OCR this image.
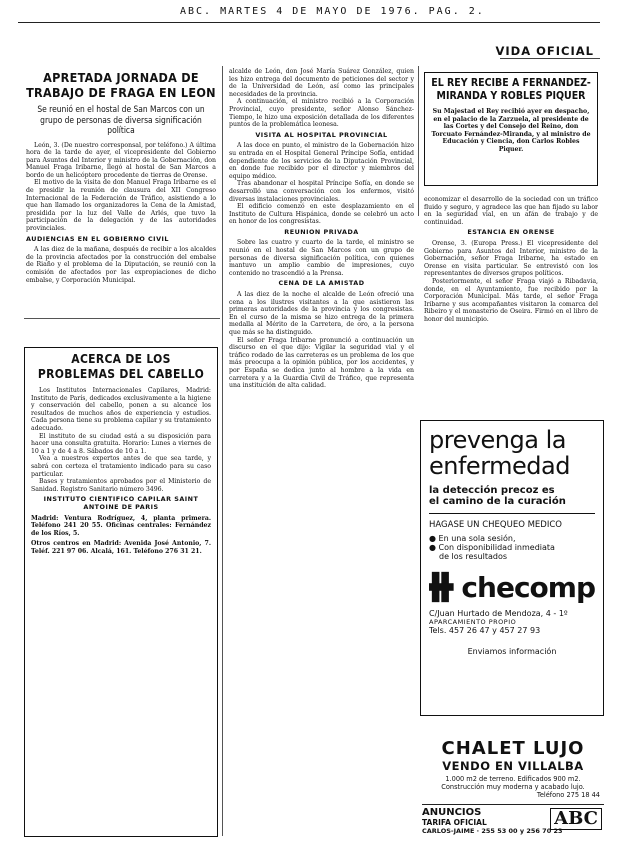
ABC. MARTES 4 DE MAYO DE 1976. PAG. 2.
VIDA OFICIAL
APRETADA JORNADA DE TRABAJO DE FRAGA EN LEON
Se reunió en el hostal de San Marcos con un grupo de personas de diversa significación política

León, 3. (De nuestro corresponsal, por teléfono.) A última hora de la tarde de ayer, el vicepresidente del Gobierno para Asuntos del Interior y ministro de la Gobernación, don Manuel Fraga Iribarne, llegó al hostal de San Marcos a bordo de un helicóptero procedente de tierras de Orense.

El motivo de la visita de don Manuel Fraga Iribarne es el de presidir la reunión de clausura del XII Congreso Internacional de la Federación de Tráfico, asistiendo a lo que han llamado los organizadores la Cena de la Amistad, presidida por la luz del Valle de Arlés, que tuvo la participación de la delegación y de las autoridades provinciales.

AUDIENCIAS EN EL GOBIERNO CIVIL

A las diez de la mañana, después de recibir a los alcaldes de la provincia afectados por la construcción del embalse de Riaño y el problema de la Diputación, se reunió con la comisión de afectados por las expropiaciones de dicho embalse, y Corporación Municipal.

alcalde de León, don José María Suárez González, quien les hizo entrega del documento de peticiones del sector y de la Universidad de León, así como las principales necesidades de la provincia.

A continuación, el ministro recibió a la Corporación Provincial, cuyo presidente, señor Alonso Sánchez-Tiempo, le hizo una exposición detallada de los diferentes puntos de la problemática leonesa.

VISITA AL HOSPITAL PROVINCIAL

A las doce en punto, el ministro de la Gobernación hizo su entrada en el Hospital General Príncipe Sofía, entidad dependiente de los servicios de la Diputación Provincial, en donde fue recibido por el director y miembros del equipo médico.

Tras abandonar el hospital Príncipe Sofía, en donde se desarrolló una conversación con los enfermos, visitó diversas instalaciones provinciales.

El edificio comenzó en este desplazamiento en el Instituto de Cultura Hispánica, donde se celebró un acto en honor de los congresistas.

REUNION PRIVADA

Sobre las cuatro y cuarto de la tarde, el ministro se reunió en el hostal de San Marcos con un grupo de personas de diversa significación política, con quienes mantuvo un amplio cambio de impresiones, cuyo contenido no trascendió a la Prensa.

CENA DE LA AMISTAD

A las diez de la noche el alcalde de León ofreció una cena a los ilustres visitantes a la que asistieron las primeras autoridades de la provincia y los congresistas. En el curso de la misma se hizo entrega de la primera medalla al Mérito de la Carretera, de oro, a la persona que más se ha distinguido.

El señor Fraga Iribarne pronunció a continuación un discurso en el que dijo: Vigilar la seguridad vial y el tráfico rodado de las carreteras es un problema de los que más preocupa a la opinión pública, por los accidentes, y por España se dedica junto al hombre a la vida en carretera y a la Guardia Civil de Tráfico, que representa una institución de alta calidad.

EL REY RECIBE A FERNANDEZ-MIRANDA Y ROBLES PIQUER
Su Majestad el Rey recibió ayer en despacho, en el palacio de la Zarzuela, al presidente de las Cortes y del Consejo del Reino, don Torcuato Fernández-Miranda, y al ministro de Educación y Ciencia, don Carlos Robles Piquer.

economizar el desarrollo de la sociedad con un tráfico fluido y seguro, y agradece las que han fijado su labor en la seguridad vial, en un afán de trabajo y de continuidad.

ESTANCIA EN ORENSE

Orense, 3. (Europa Press.) El vicepresidente del Gobierno para Asuntos del Interior, ministro de la Gobernación, señor Fraga Iribarne, ha estado en Orense en visita particular. Se entrevistó con los representantes de diversos grupos políticos.

Posteriormente, el señor Fraga viajó a Ribadavia, donde, en el Ayuntamiento, fue recibido por la Corporación Municipal. Más tarde, el señor Fraga Iribarne y sus acompañantes visitaron la comarca del Ribeiro y el monasterio de Oseira. Firmó en el libro de honor del municipio.

ACERCA DE LOS PROBLEMAS DEL CABELLO

Los Institutos Internacionales Capilares, Madrid: Instituto de París, dedicados exclusivamente a la higiene y conservación del cabello, ponen a su alcance los resultados de muchos años de experiencia y estudios. Cada persona tiene su problema capilar y su tratamiento adecuado.

El instituto de su ciudad está a su disposición para hacer una consulta gratuita. Horario: Lunes a viernes de 10 a 1 y de 4 a 8. Sábados de 10 a 1.

Vea a nuestros expertos antes de que sea tarde, y sabrá con certeza el tratamiento indicado para su caso particular.

Bases y tratamientos aprobados por el Ministerio de Sanidad. Registro Sanitario número 3496.

INSTITUTO CIENTIFICO CAPILAR SAINT ANTOINE DE PARIS

Madrid: Ventura Rodríguez, 4, planta primera. Teléfono 241 20 55. Oficinas centrales: Fernández de los Ríos, 5.

Otros centros en Madrid: Avenida José Antonio, 7. Teléf. 221 97 06. Alcalá, 161. Teléfono 276 31 21.

prevenga la
enfermedad
la detección precoz es
el camino de la curación
HAGASE UN CHEQUEO MEDICO
● En una sola sesión,
● Con disponibilidad inmediata
de los resultados
checomp
C/Juan Hurtado de Mendoza, 4 - 1º
APARCAMIENTO PROPIO
Tels. 457 26 47 y 457 27 93
Enviamos información
CHALET LUJO
VENDO EN VILLALBA
1.000 m2 de terreno. Edificados 900 m2.
Construcción muy moderna y acabado lujo.
Teléfono 275 18 44
ANUNCIOS
TARIFA OFICIAL
CARLOS-JAIME · 255 53 00 y 256 70 23
ABC
